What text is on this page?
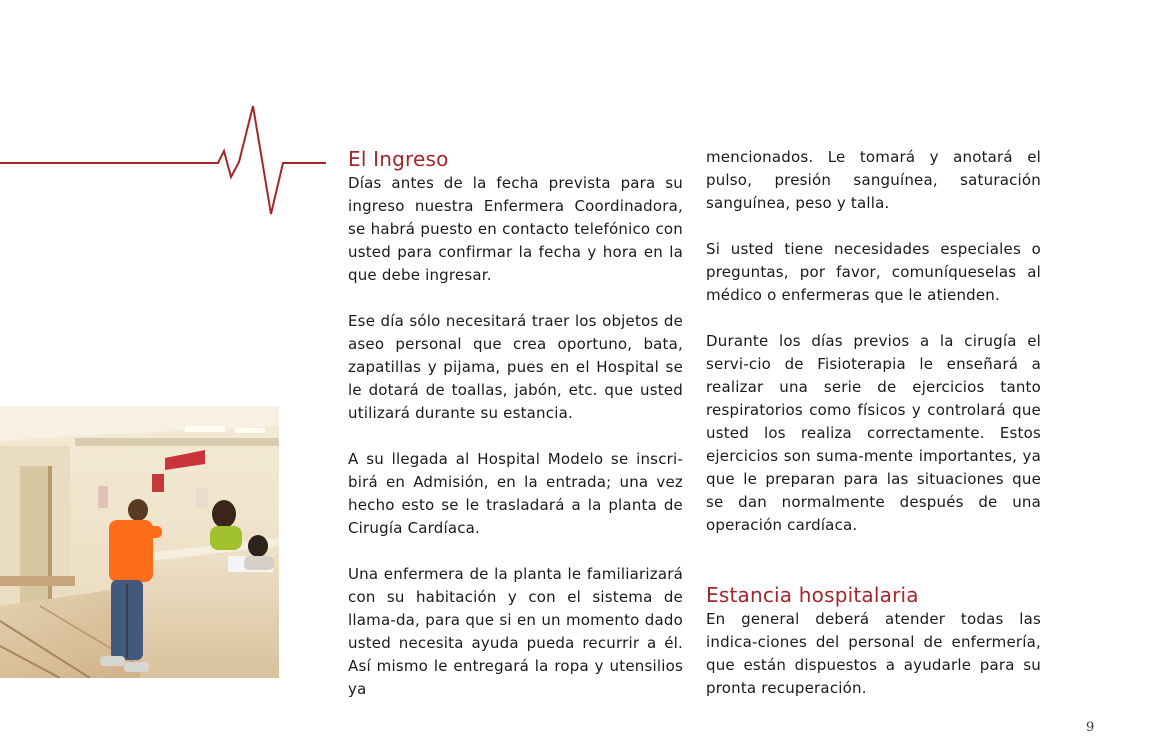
El Ingreso

Días antes de la fecha prevista para su ingreso nuestra Enfermera Coordinadora, se habrá puesto en contacto telefónico con usted para confirmar la fecha y hora en la que debe ingresar.

Ese día sólo necesitará traer los objetos de aseo personal que crea oportuno, bata, zapatillas y pijama, pues en el Hospital se le dotará de toallas, jabón, etc. que usted utilizará durante su estancia.

A su llegada al Hospital Modelo se inscri-birá en Admisión, en la entrada; una vez hecho esto se le trasladará a la planta de Cirugía Cardíaca.

Una enfermera de la planta le familiarizará con su habitación y con el sistema de llama-da, para que si en un momento dado usted necesita ayuda pueda recurrir a él. Así mismo le entregará la ropa y utensilios ya

mencionados. Le tomará y anotará el pulso, presión sanguínea, saturación sanguínea, peso y talla.

Si usted tiene necesidades especiales o preguntas, por favor, comuníqueselas al médico o enfermeras que le atienden.

Durante los días previos a la cirugía el servi-cio de Fisioterapia le enseñará a realizar una serie de ejercicios tanto respiratorios como físicos y controlará que usted los realiza correctamente. Estos ejercicios son suma-mente importantes, ya que le preparan para las situaciones que se dan normalmente después de una operación cardíaca.

Estancia hospitalaria

En general deberá atender todas las indica-ciones del personal de enfermería, que están dispuestos a ayudarle para su pronta recuperación.

9
